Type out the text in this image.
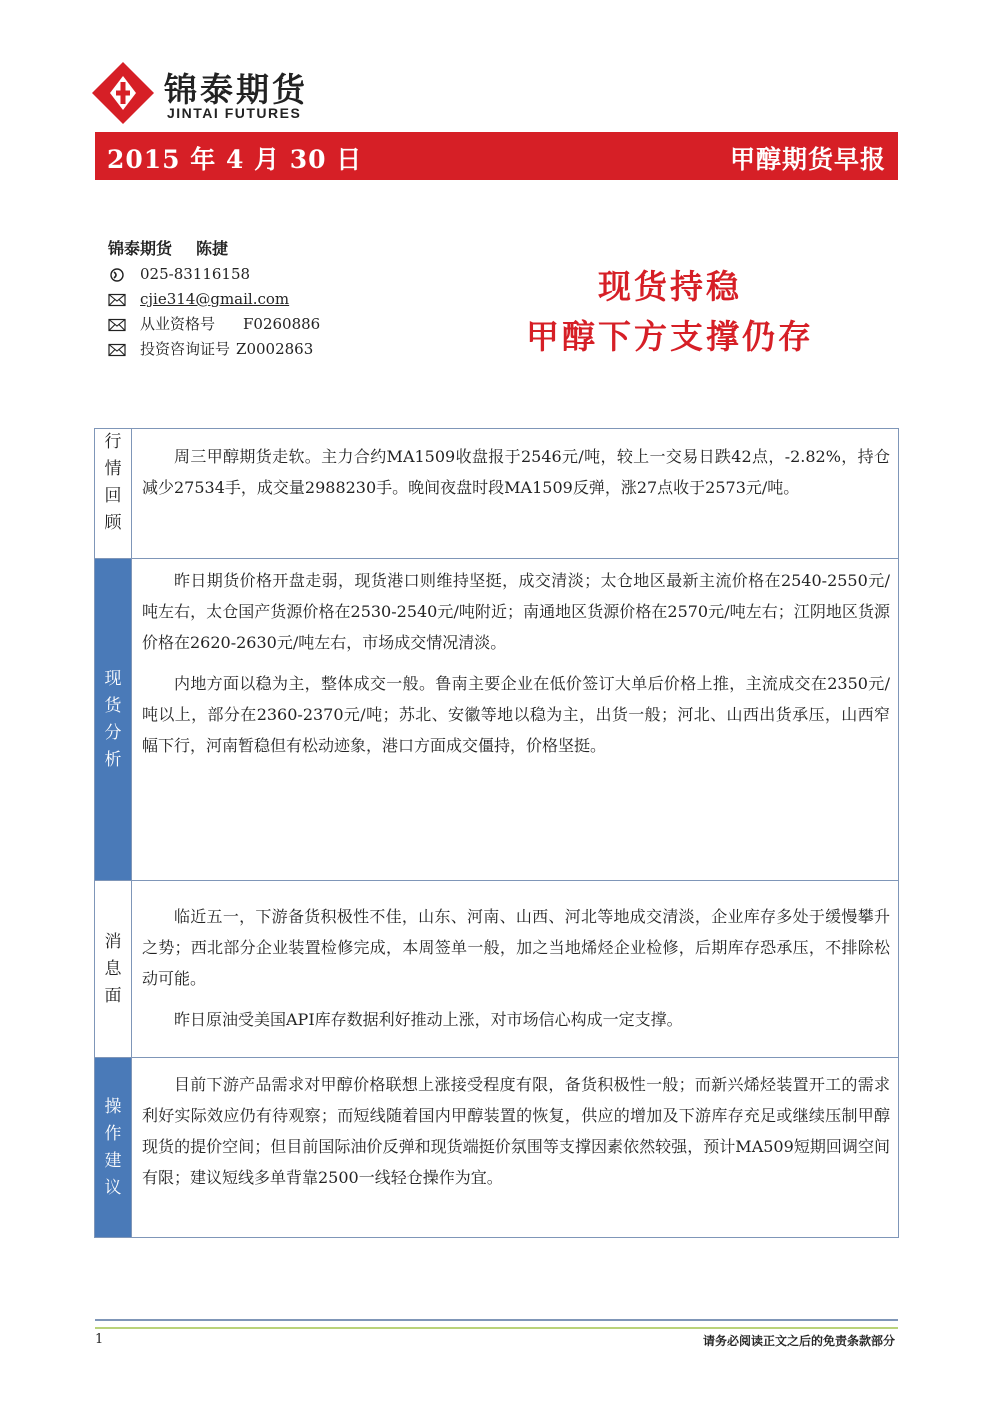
锦泰期货
JINTAI FUTURES
2015 年 4 月 30 日	甲醇期货早报
锦泰期货 陈捷
025-83116158
cjie314@gmail.com
从业资格号 F0260886
投资咨询证号 Z0002863
现货持稳
甲醇下方支撑仍存
行
情
回
顾

周三甲醇期货走软。主力合约MA1509收盘报于2546元/吨，较上一交易日跌42点，-2.82%，持仓减少27534手，成交量2988230手。晚间夜盘时段MA1509反弹，涨27点收于2573元/吨。

现
货
分
析

昨日期货价格开盘走弱，现货港口则维持坚挺，成交清淡；太仓地区最新主流价格在2540-2550元/吨左右，太仓国产货源价格在2530-2540元/吨附近；南通地区货源价格在2570元/吨左右；江阴地区货源价格在2620-2630元/吨左右，市场成交情况清淡。

内地方面以稳为主，整体成交一般。鲁南主要企业在低价签订大单后价格上推，主流成交在2350元/吨以上，部分在2360-2370元/吨；苏北、安徽等地以稳为主，出货一般；河北、山西出货承压，山西窄幅下行，河南暂稳但有松动迹象，港口方面成交僵持，价格坚挺。

消
息
面

临近五一，下游备货积极性不佳，山东、河南、山西、河北等地成交清淡，企业库存多处于缓慢攀升之势；西北部分企业装置检修完成，本周签单一般，加之当地烯烃企业检修，后期库存恐承压，不排除松动可能。

昨日原油受美国API库存数据利好推动上涨，对市场信心构成一定支撑。

操
作
建
议

目前下游产品需求对甲醇价格联想上涨接受程度有限，备货积极性一般；而新兴烯烃装置开工的需求利好实际效应仍有待观察；而短线随着国内甲醇装置的恢复，供应的增加及下游库存充足或继续压制甲醇现货的提价空间；但目前国际油价反弹和现货端挺价氛围等支撑因素依然较强，预计MA509短期回调空间有限；建议短线多单背靠2500一线轻仓操作为宜。

1	请务必阅读正文之后的免责条款部分
